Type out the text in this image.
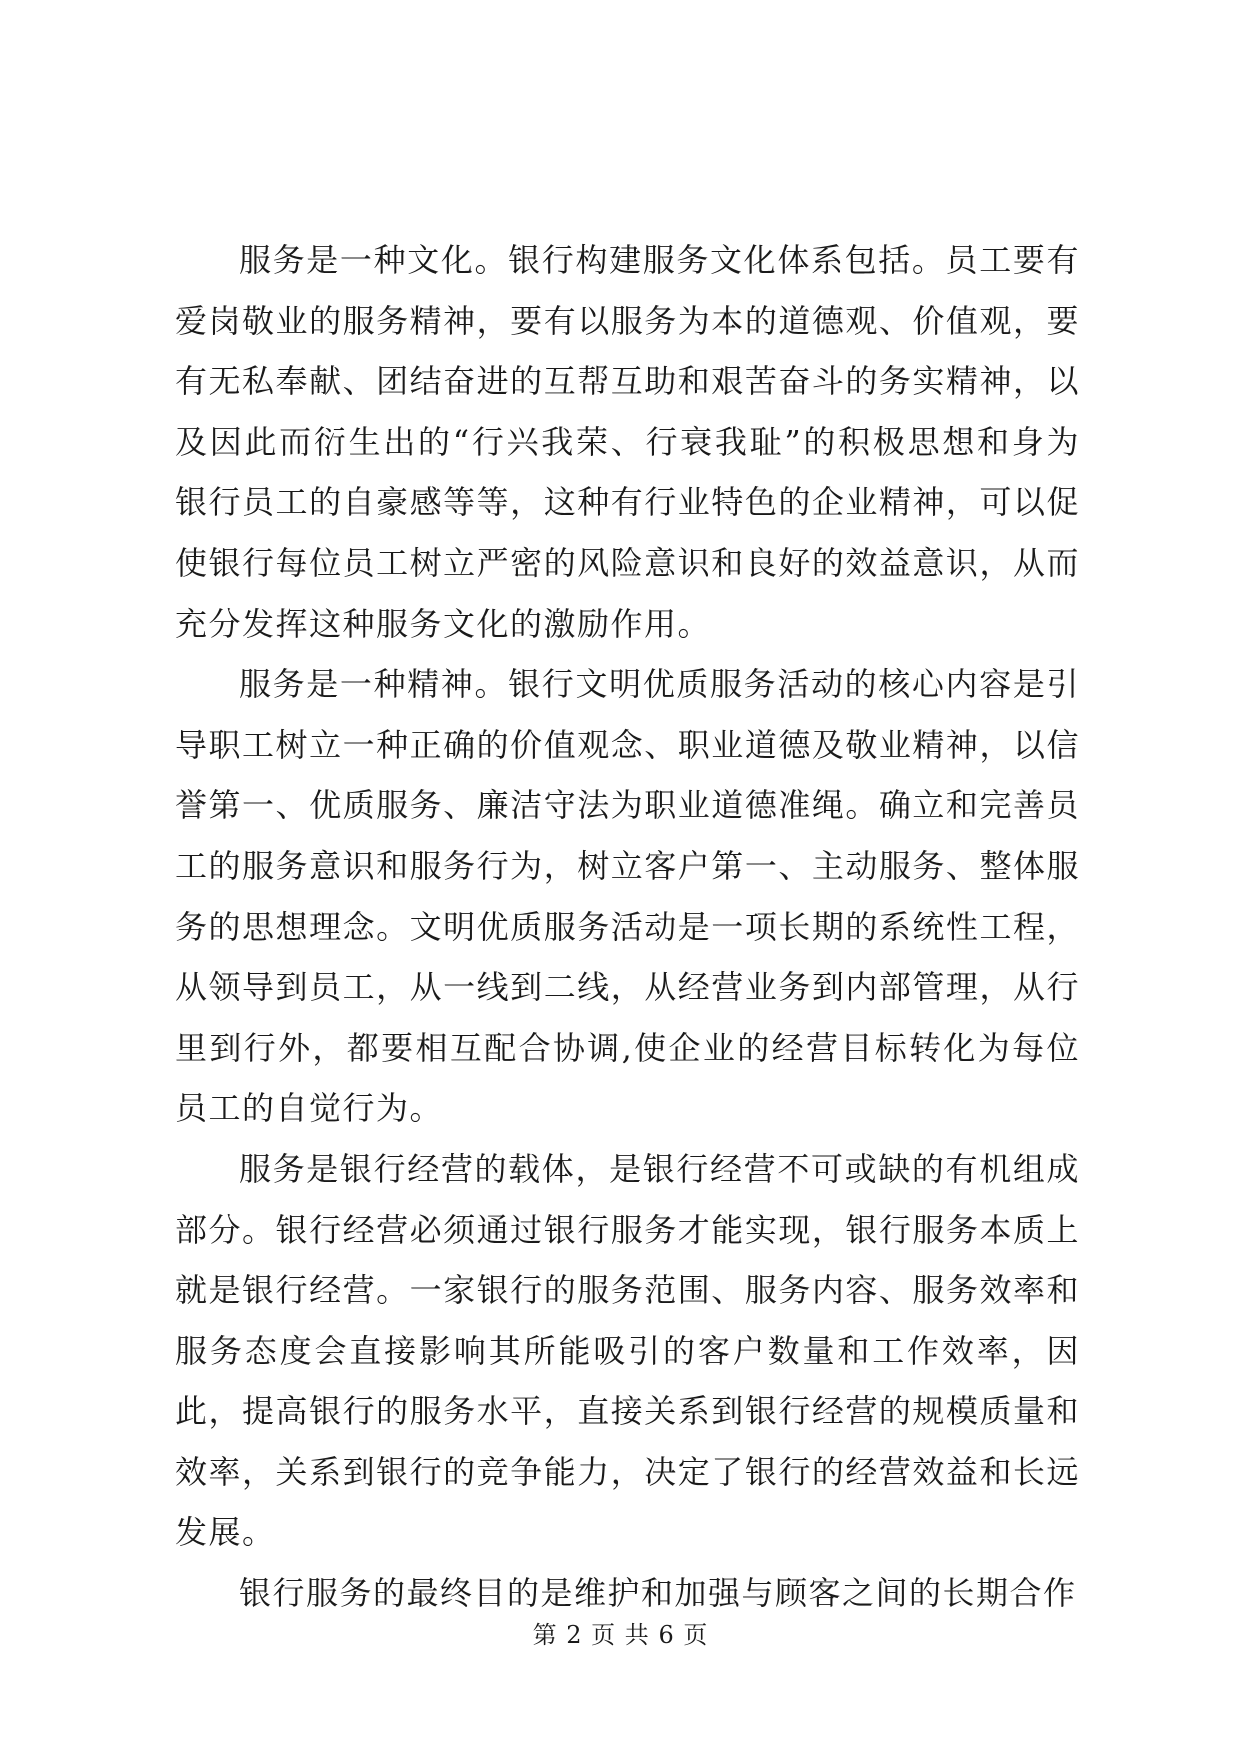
服务是一种文化。银行构建服务文化体系包括。员工要有爱岗敬业的服务精神，要有以服务为本的道德观、价值观，要有无私奉献、团结奋进的互帮互助和艰苦奋斗的务实精神，以及因此而衍生出的“行兴我荣、行衰我耻”的积极思想和身为银行员工的自豪感等等，这种有行业特色的企业精神，可以促使银行每位员工树立严密的风险意识和良好的效益意识，从而充分发挥这种服务文化的激励作用。

服务是一种精神。银行文明优质服务活动的核心内容是引导职工树立一种正确的价值观念、职业道德及敬业精神，以信誉第一、优质服务、廉洁守法为职业道德准绳。确立和完善员工的服务意识和服务行为，树立客户第一、主动服务、整体服务的思想理念。文明优质服务活动是一项长期的系统性工程，从领导到员工，从一线到二线，从经营业务到内部管理，从行里到行外，都要相互配合协调,使企业的经营目标转化为每位员工的自觉行为。

服务是银行经营的载体，是银行经营不可或缺的有机组成部分。银行经营必须通过银行服务才能实现，银行服务本质上就是银行经营。一家银行的服务范围、服务内容、服务效率和服务态度会直接影响其所能吸引的客户数量和工作效率，因此，提高银行的服务水平，直接关系到银行经营的规模质量和效率，关系到银行的竞争能力，决定了银行的经营效益和长远发展。

银行服务的最终目的是维护和加强与顾客之间的长期合作

第 2 页 共 6 页
